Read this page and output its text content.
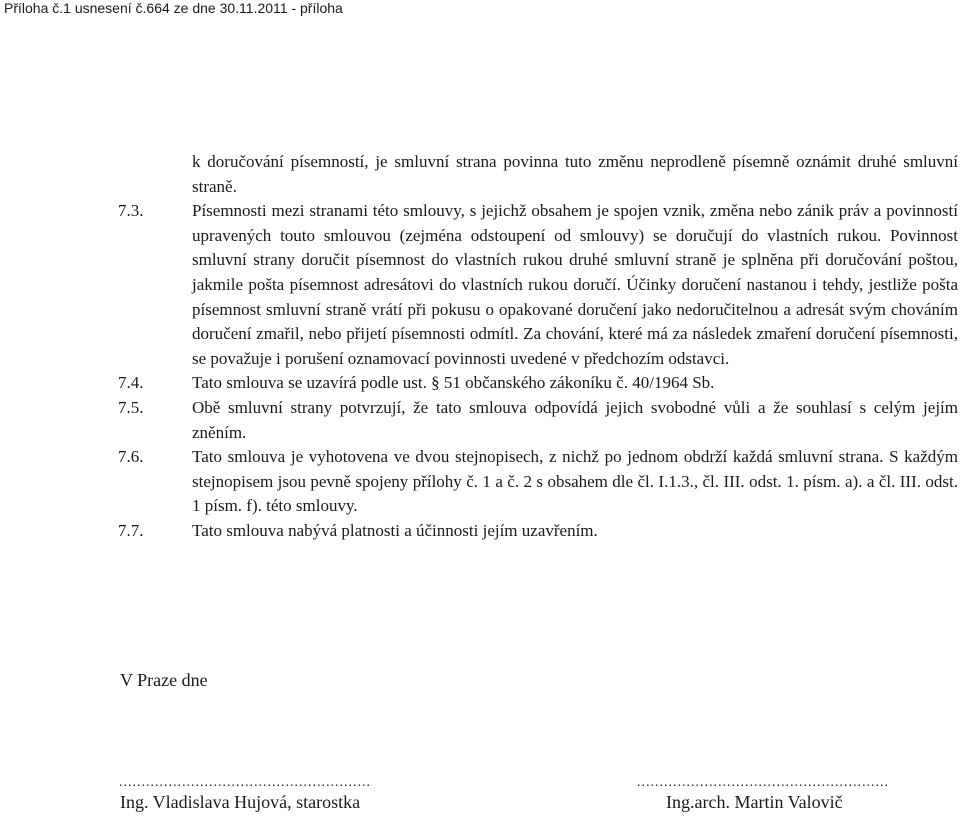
Příloha č.1 usnesení č.664 ze dne 30.11.2011 - příloha
k doručování písemností, je smluvní strana povinna tuto změnu neprodleně písemně oznámit druhé smluvní straně.
7.3.	Písemnosti mezi stranami této smlouvy, s jejichž obsahem je spojen vznik, změna nebo zánik práv a povinností upravených touto smlouvou (zejména odstoupení od smlouvy) se doručují do vlastních rukou. Povinnost smluvní strany doručit písemnost do vlastních rukou druhé smluvní straně je splněna při doručování poštou, jakmile pošta písemnost adresátovi do vlastních rukou doručí. Účinky doručení nastanou i tehdy, jestliže pošta písemnost smluvní straně vrátí při pokusu o opakované doručení jako nedoručitelnou a adresát svým chováním doručení zmařil, nebo přijetí písemnosti odmítl. Za chování, které má za následek zmaření doručení písemnosti, se považuje i porušení oznamovací povinnosti uvedené v předchozím odstavci.
7.4.	Tato smlouva se uzavírá podle ust. § 51 občanského zákoníku č. 40/1964 Sb.
7.5.	Obě smluvní strany potvrzují, že tato smlouva odpovídá jejich svobodné vůli a že souhlasí s celým jejím zněním.
7.6.	Tato smlouva je vyhotovena ve dvou stejnopisech, z nichž po jednom obdrží každá smluvní strana. S každým stejnopisem jsou pevně spojeny přílohy č. 1 a č. 2 s obsahem dle čl. I.1.3., čl. III. odst. 1. písm. a). a čl. III. odst. 1 písm. f). této smlouvy.
7.7.	Tato smlouva nabývá platnosti a účinnosti jejím uzavřením.
V Praze dne
........................................................	........................................................
Ing. Vladislava Hujová, starostka	Ing.arch. Martin Valovič
